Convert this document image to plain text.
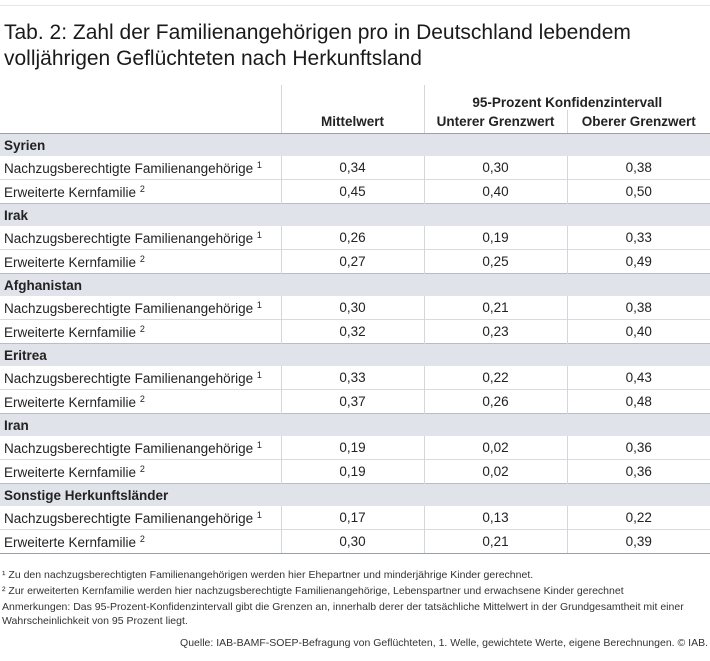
Tab. 2: Zahl der Familienangehörigen pro in Deutschland lebendem volljährigen Geflüchteten nach Herkunftsland
		95-Prozent Konfidenzintervall	
	Mittelwert	Unterer Grenzwert	Oberer Grenzwert
Syrien			
Nachzugsberechtigte Familienangehörige $^1$	0,34	0,30	0,38
Erweiterte Kernfamilie $^2$	0,45	0,40	0,50
Irak			
Nachzugsberechtigte Familienangehörige $^1$	0,26	0,19	0,33
Erweiterte Kernfamilie $^2$	0,27	0,25	0,49
Afghanistan			
Nachzugsberechtigte Familienangehörige $^1$	0,30	0,21	0,38
Erweiterte Kernfamilie $^2$	0,32	0,23	0,40
Eritrea			
Nachzugsberechtigte Familienangehörige $^1$	0,33	0,22	0,43
Erweiterte Kernfamilie $^2$	0,37	0,26	0,48
Iran			
Nachzugsberechtigte Familienangehörige $^1$	0,19	0,02	0,36
Erweiterte Kernfamilie $^2$	0,19	0,02	0,36
Sonstige Herkunftsländer			
Nachzugsberechtigte Familienangehörige $^1$	0,17	0,13	0,22
Erweiterte Kernfamilie $^2$	0,30	0,21	0,39

¹ Zu den nachzugsberechtigten Familienangehörigen werden hier Ehepartner und minderjährige Kinder gerechnet.

² Zur erweiterten Kernfamilie werden hier nachzugsberechtigte Familienangehörige, Lebenspartner und erwachsene Kinder gerechnet

Anmerkungen: Das 95-Prozent-Konfidenzintervall gibt die Grenzen an, innerhalb derer der tatsächliche Mittelwert in der Grundgesamtheit mit einer Wahrscheinlichkeit von 95 Prozent liegt.

Quelle: IAB-BAMF-SOEP-Befragung von Geflüchteten, 1. Welle, gewichtete Werte, eigene Berechnungen. © IAB.
